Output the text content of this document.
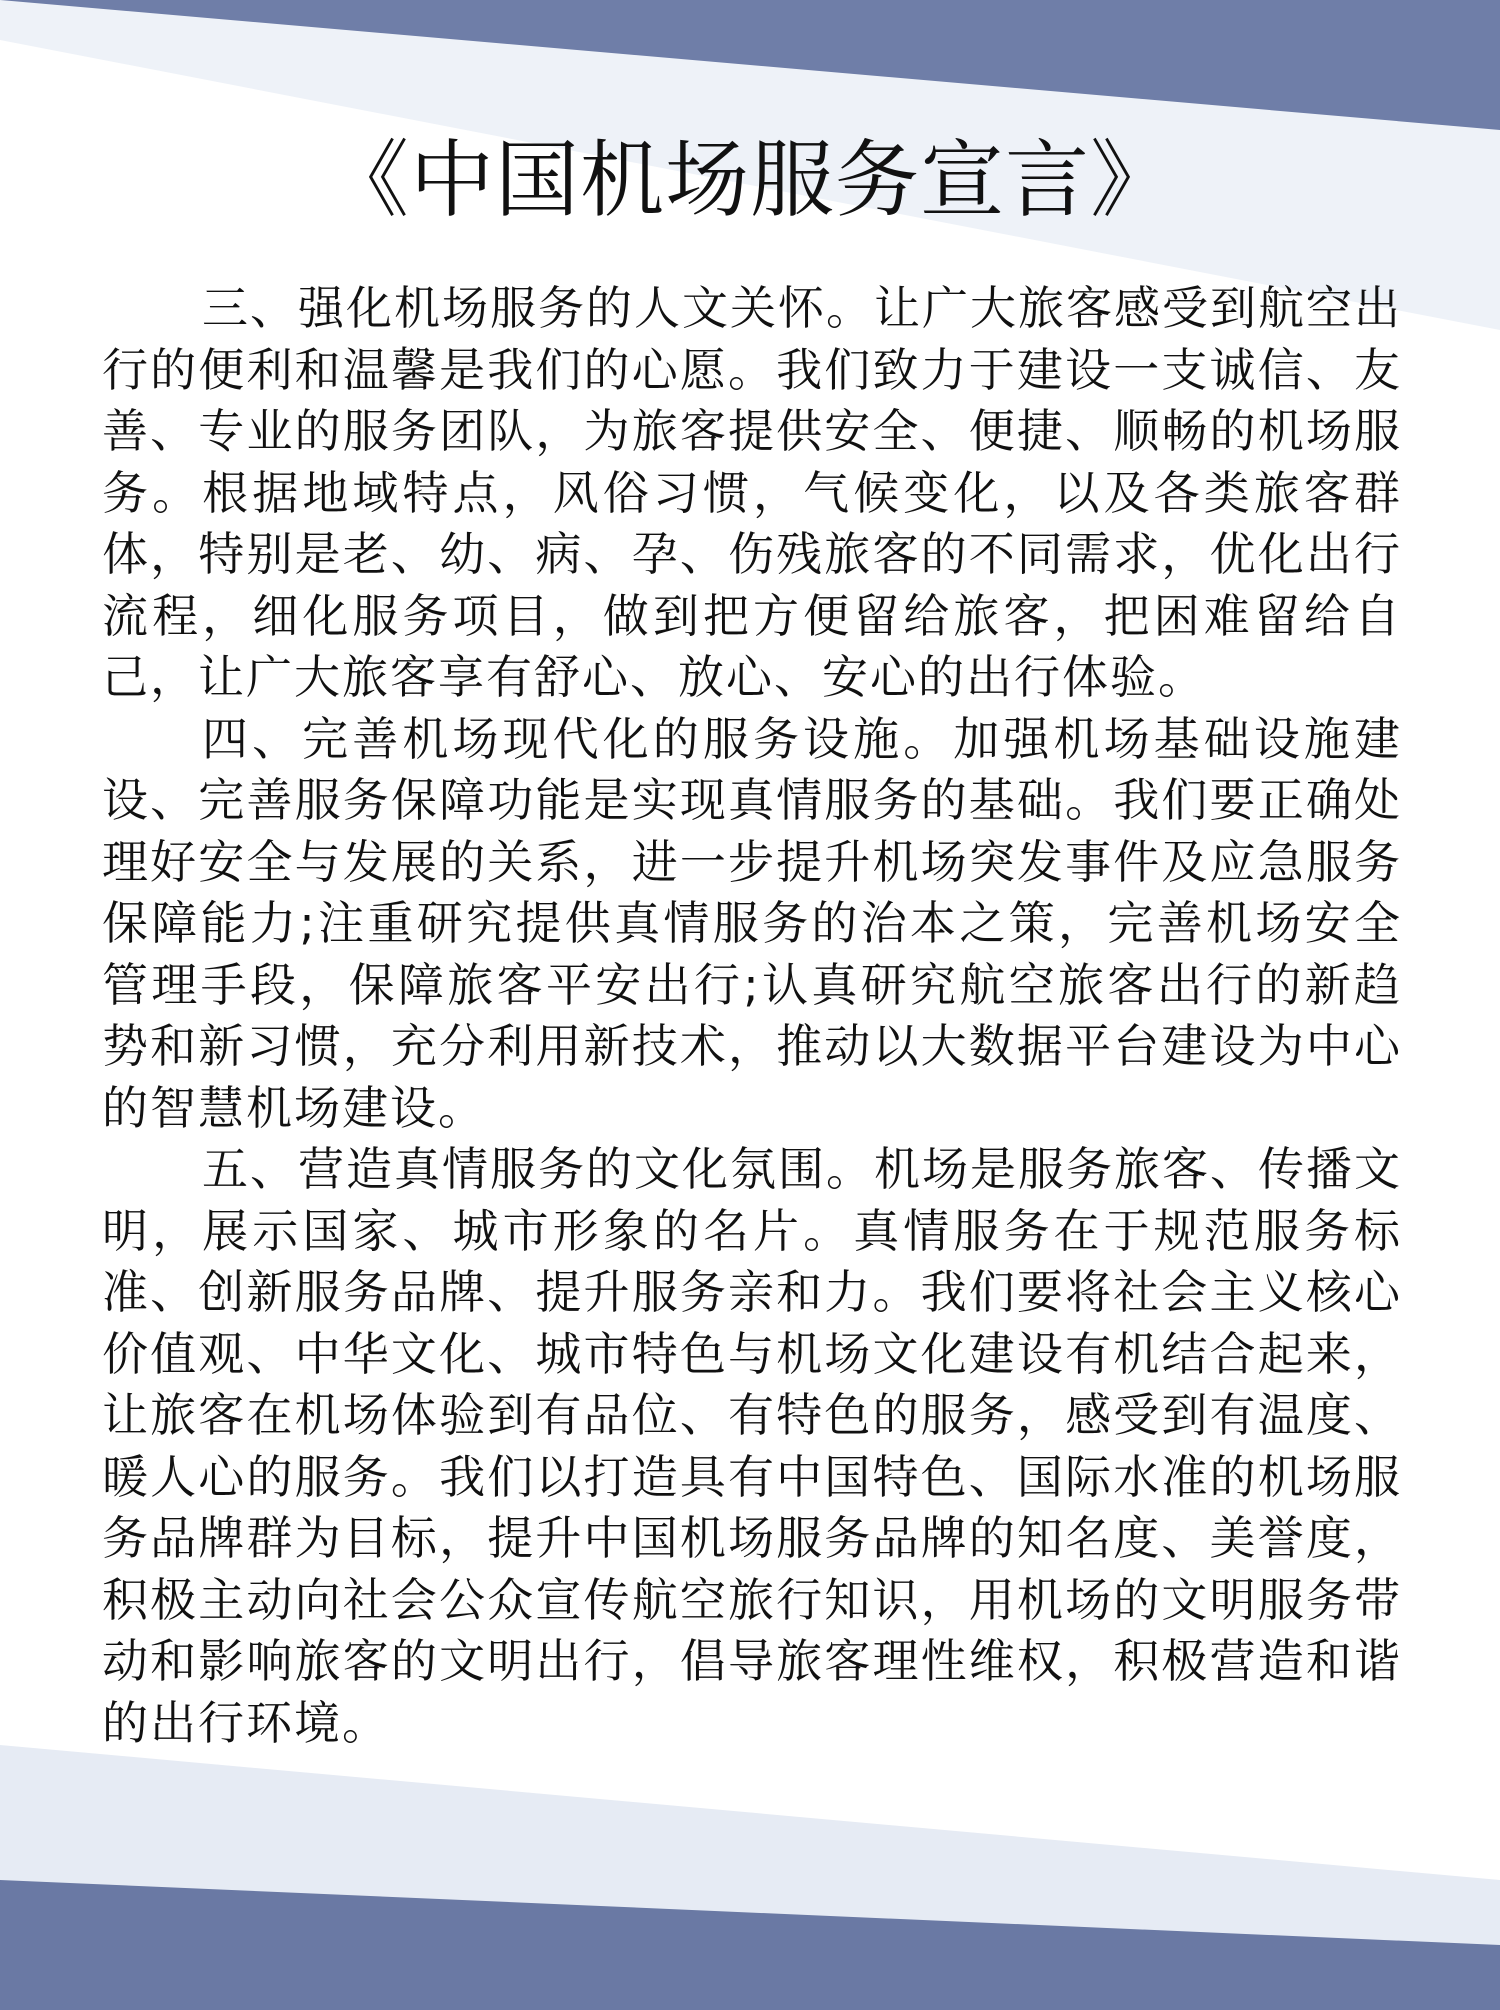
《中国机场服务宣言》

三、强化机场服务的人文关怀。让广大旅客感受到航空出行的便利和温馨是我们的心愿。我们致力于建设一支诚信、友善、专业的服务团队，为旅客提供安全、便捷、顺畅的机场服务。根据地域特点，风俗习惯，气候变化，以及各类旅客群体，特别是老、幼、病、孕、伤残旅客的不同需求，优化出行流程，细化服务项目，做到把方便留给旅客，把困难留给自己，让广大旅客享有舒心、放心、安心的出行体验。

四、完善机场现代化的服务设施。加强机场基础设施建设、完善服务保障功能是实现真情服务的基础。我们要正确处理好安全与发展的关系，进一步提升机场突发事件及应急服务保障能力;注重研究提供真情服务的治本之策，完善机场安全管理手段，保障旅客平安出行;认真研究航空旅客出行的新趋势和新习惯，充分利用新技术，推动以大数据平台建设为中心的智慧机场建设。

五、营造真情服务的文化氛围。机场是服务旅客、传播文明，展示国家、城市形象的名片。真情服务在于规范服务标准、创新服务品牌、提升服务亲和力。我们要将社会主义核心价值观、中华文化、城市特色与机场文化建设有机结合起来，让旅客在机场体验到有品位、有特色的服务，感受到有温度、暖人心的服务。我们以打造具有中国特色、国际水准的机场服务品牌群为目标，提升中国机场服务品牌的知名度、美誉度，积极主动向社会公众宣传航空旅行知识，用机场的文明服务带动和影响旅客的文明出行，倡导旅客理性维权，积极营造和谐的出行环境。
